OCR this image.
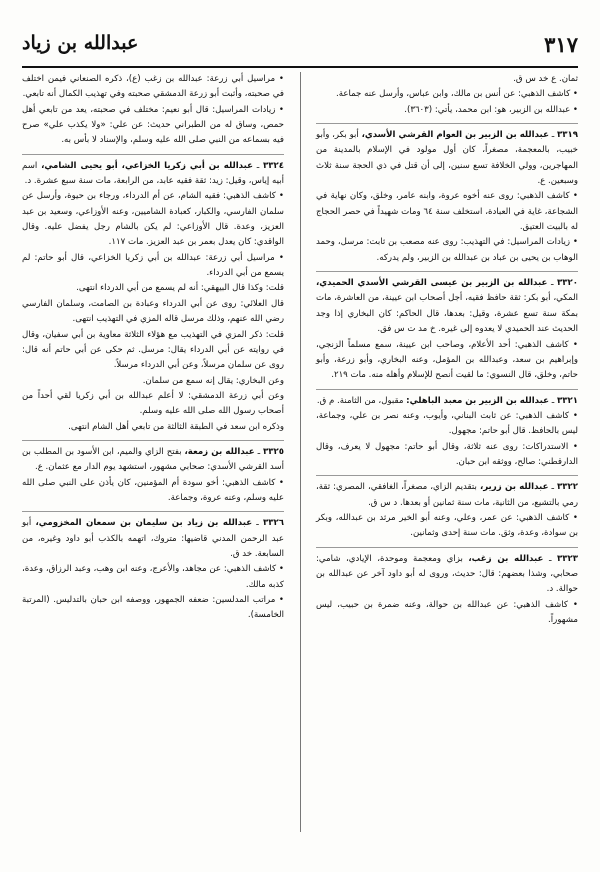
٣١٧
عبدالله بن زياد

ثمان. ع خد س ق.

• كاشف الذهبي: عن أنس بن مالك، وابن عباس، وأرسل عنه جماعة.

• عبدالله بن الزبير، هو: ابن محمد، يأتي: (٣٦٠٣).

٣٣١٩ ـ عبدالله بن الزبير بن العوام القرشي الأسدي، أبو بكر، وأبو خبيب، بالمعجمة، مصغراً، كان أول مولود في الإسلام بالمدينة من المهاجرين، وولي الخلافة تسع سنين، إلى أن قتل في ذي الحجة سنة ثلاث وسبعين. ع.

• كاشف الذهبي: روى عنه أخوه عروة، وابنه عامر، وخلق، وكان نهاية في الشجاعة، غاية في العبادة، استخلف سنة ٦٤ ومات شهيداً في حصر الحجاج له بالبيت العتيق.

• زيادات المراسيل: في التهذيب: روى عنه مصعب بن ثابت: مرسل، وحمد الوهاب بن يحيى بن عباد بن عبدالله بن الزبير، ولم يدركه.

٣٣٢٠ ـ عبدالله بن الزبير بن عيسى القرشي الأسدي الحميدي، المكي، أبو بكر: ثقة حافظ فقيه، أجل أصحاب ابن عيينة، من العاشرة، مات بمكة سنة تسع عشرة، وقيل: بعدها، قال الحاكم: كان البخاري إذا وجد الحديث عند الحميدي لا يعدوه إلى غيره. خ مد ت س فق.

• كاشف الذهبي: أحد الأعلام، وصاحب ابن عيينة، سمع مسلماً الزنجي، وإبراهيم بن سعد، وعبدالله بن المؤمل، وعنه البخاري، وأبو زرعة، وأبو حاتم، وخلق، قال النسوي: ما لقيت أنصح للإسلام وأهله منه. مات ٢١٩.

٣٣٢١ ـ عبدالله بن الزبير بن معبد الباهلي: مقبول، من الثامنة. م ق.

• كاشف الذهبي: عن ثابت البناني، وأيوب، وعنه نصر بن علي، وجماعة، ليس بالحافظ. قال أبو حاتم: مجهول.

• الاستدراكات: روى عنه ثلاثة، وقال أبو حاتم: مجهول لا يعرف، وقال الدارقطني: صالح، ووثقه ابن حبان.

٣٣٢٢ ـ عبدالله بن زرير، بتقديم الزاي، مصغراً، الغافقي، المصري: ثقة، رمي بالتشيع، من الثانية، مات سنة ثمانين أو بعدها. د س ق.

• كاشف الذهبي: عن عمر، وعلي، وعنه أبو الخير مرثد بن عبدالله، وبكر بن سوادة، وعدة، وثق. مات سنة إحدى وثمانين.

٣٣٢٣ ـ عبدالله بن زغب، بزاي ومعجمة وموحدة، الإيادي، شامي: صحابي، وشذا بعضهم: قال: حديث، وروى له أبو داود آخر عن عبدالله بن حوالة. د.

• كاشف الذهبي: عن عبدالله بن حوالة، وعنه ضمرة بن حبيب، ليس مشهوراً.

• مراسيل أبي زرعة: عبدالله بن زغب (ع)، ذكره الصنعاني فيمن اختلف في صحبته، وأثبت أبو زرعة الدمشقي صحبته وفي تهذيب الكمال أنه تابعي.

• زيادات المراسيل: قال أبو نعيم: مختلف في صحبته، يعد من تابعي أهل حمص، وساق له من الطبراني حديث: عن علي: «ولا يكذب علي» صرح فيه بسماعه من النبي صلى الله عليه وسلم، والإسناد لا بأس به.

٣٣٢٤ ـ عبدالله بن أبي زكريا الخزاعي، أبو يحيى الشامي، اسم أبيه إياس، وقيل: زيد: ثقة فقيه عابد، من الرابعة، مات سنة سبع عشرة. د.

• كاشف الذهبي: فقيه الشام، عن أم الدرداء، ورجاء بن حيوة، وأرسل عن سلمان الفارسي، والكبار، كعبادة الشاميين، وعنه الأوزاعي، وسعيد بن عبد العزيز، وعدة. قال الأوزاعي: لم يكن بالشام رجل يفضل عليه. وقال الواقدي: كان يعدل بعمر بن عبد العزيز. مات ١١٧.

• مراسيل أبي زرعة: عبدالله بن أبي زكريا الخزاعي، قال أبو حاتم: لم يسمع من أبي الدرداء.

قلت: وكذا قال البيهقي: أنه لم يسمع من أبي الدرداء انتهى.

قال العلائي: روى عن أبي الدرداء وعبادة بن الصامت، وسلمان الفارسي رضي الله عنهم، وذلك مرسل قاله المزي في التهذيب انتهى.

قلت: ذكر المزي في التهذيب مع هؤلاء الثلاثة معاوية بن أبي سفيان، وقال في روايته عن أبي الدرداء يقال: مرسل. ثم حكى عن أبي حاتم أنه قال: روى عن سلمان مرسلاً، وعن أبي الدرداء مرسلاً.

وعن البخاري: يقال إنه سمع من سلمان.

وعن أبي زرعة الدمشقي: لا أعلم عبدالله بن أبي زكريا لقي أحداً من أصحاب رسول الله صلى الله عليه وسلم.

وذكره ابن سعد في الطبقة الثالثة من تابعي أهل الشام انتهى.

٣٣٢٥ ـ عبدالله بن زمعة، بفتح الزاي والميم، ابن الأسود بن المطلب بن أسد القرشي الأسدي: صحابي مشهور، استشهد يوم الدار مع عثمان. ع.

• كاشف الذهبي: أخو سودة أم المؤمنين، كان يأذن على النبي صلى الله عليه وسلم، وعنه عروة، وجماعة.

٣٣٢٦ ـ عبدالله بن زياد بن سليمان بن سمعان المخزومي، أبو عبد الرحمن المدني قاضيها: متروك، اتهمه بالكذب أبو داود وغيره، من السابعة. خد ق.

• كاشف الذهبي: عن مجاهد، والأعرج، وعنه ابن وهب، وعبد الرزاق، وعدة، كذبه مالك.

• مراتب المدلسين: ضعفه الجمهور، ووصفه ابن حبان بالتدليس. (المرتبة الخامسة).
